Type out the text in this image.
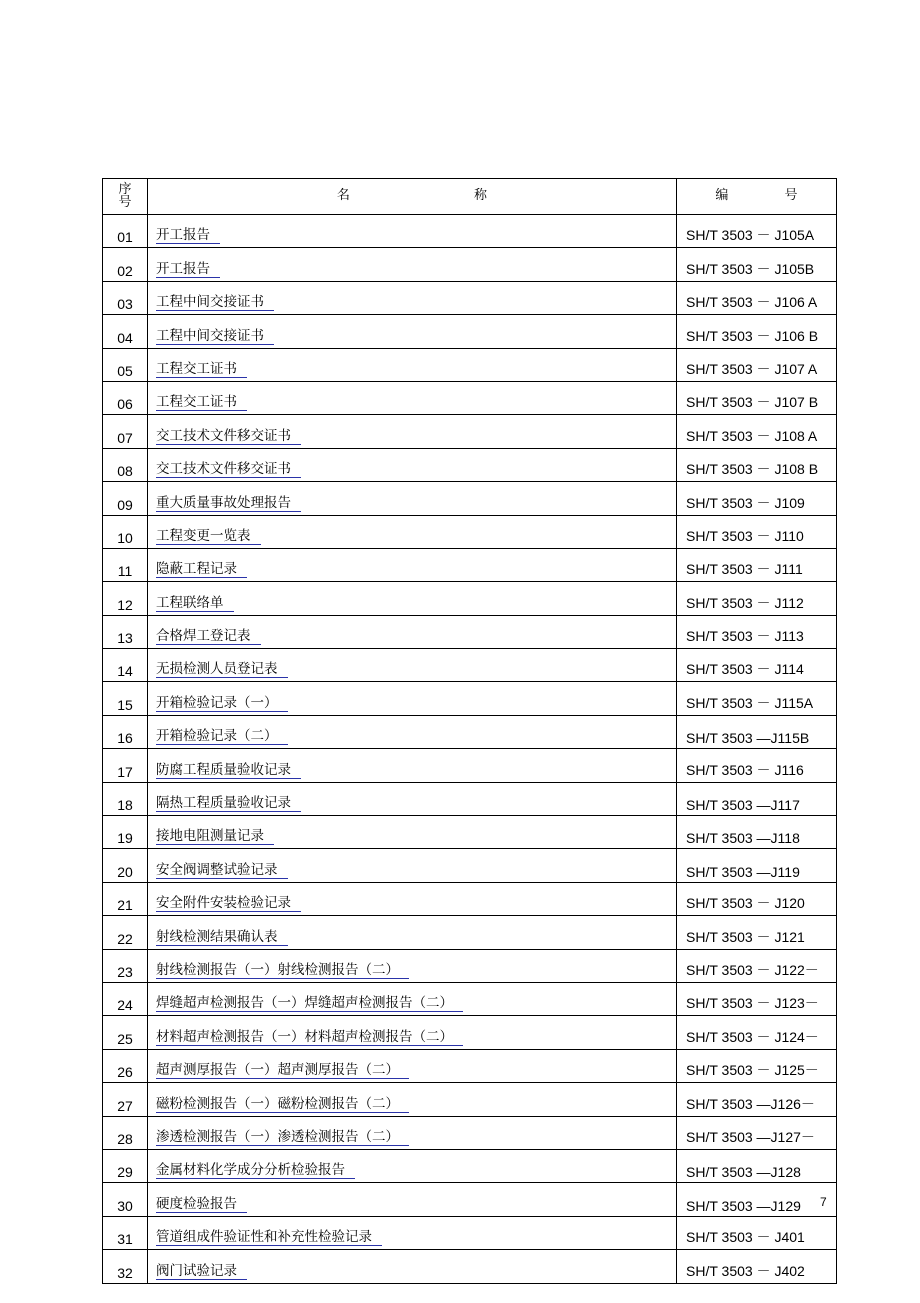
序号	名 称	编 号
01	开工报告	SH/T 3503 － J105A
02	开工报告	SH/T 3503 － J105B
03	工程中间交接证书	SH/T 3503 － J106 A
04	工程中间交接证书	SH/T 3503 － J106 B
05	工程交工证书	SH/T 3503 － J107 A
06	工程交工证书	SH/T 3503 － J107 B
07	交工技术文件移交证书	SH/T 3503 － J108 A
08	交工技术文件移交证书	SH/T 3503 － J108 B
09	重大质量事故处理报告	SH/T 3503 － J109
10	工程变更一览表	SH/T 3503 － J110
11	隐蔽工程记录	SH/T 3503 － J111
12	工程联络单	SH/T 3503 － J112
13	合格焊工登记表	SH/T 3503 － J113
14	无损检测人员登记表	SH/T 3503 － J114
15	开箱检验记录（一）	SH/T 3503 － J115A
16	开箱检验记录（二）	SH/T 3503 —J115B
17	防腐工程质量验收记录	SH/T 3503 － J116
18	隔热工程质量验收记录	SH/T 3503 —J117
19	接地电阻测量记录	SH/T 3503 —J118
20	安全阀调整试验记录	SH/T 3503 —J119
21	安全附件安装检验记录	SH/T 3503 － J120
22	射线检测结果确认表	SH/T 3503 － J121
23	射线检测报告（一）射线检测报告（二）	SH/T 3503 － J122－
24	焊缝超声检测报告（一）焊缝超声检测报告（二）	SH/T 3503 － J123－
25	材料超声检测报告（一）材料超声检测报告（二）	SH/T 3503 － J124－
26	超声测厚报告（一）超声测厚报告（二）	SH/T 3503 － J125－
27	磁粉检测报告（一）磁粉检测报告（二）	SH/T 3503 —J126－
28	渗透检测报告（一）渗透检测报告（二）	SH/T 3503 —J127－
29	金属材料化学成分分析检验报告	SH/T 3503 —J128
30	硬度检验报告	SH/T 3503 —J129
31	管道组成件验证性和补充性检验记录	SH/T 3503 － J401
32	阀门试验记录	SH/T 3503 － J402
7
